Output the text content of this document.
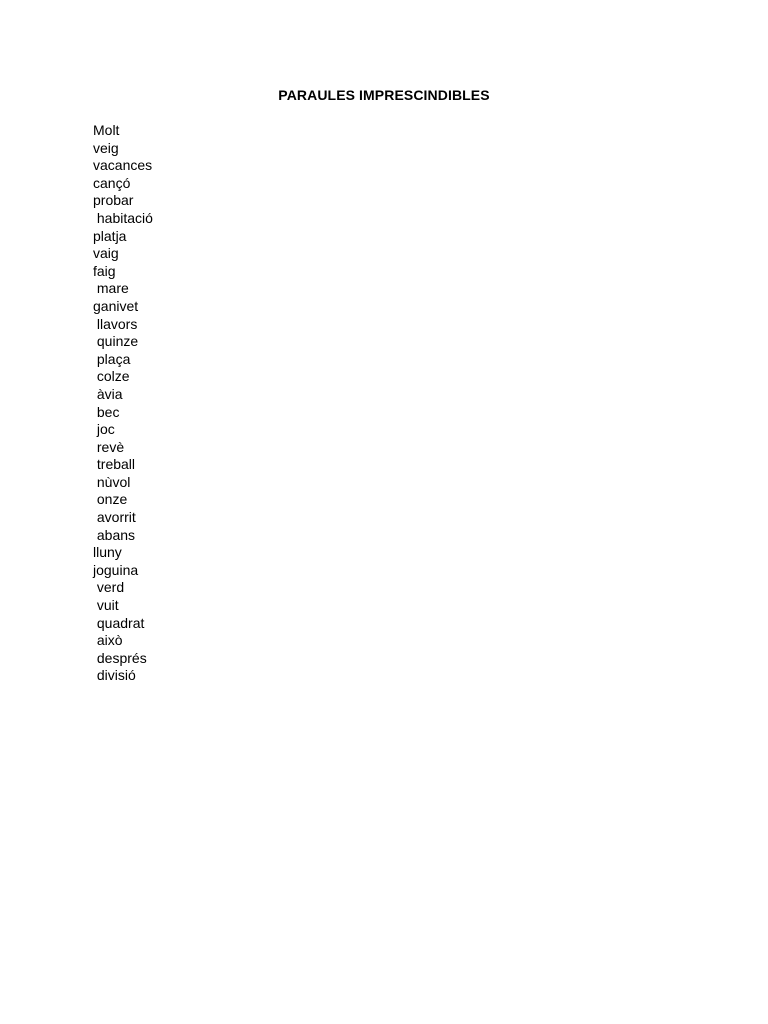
PARAULES IMPRESCINDIBLES
Molt
veig
vacances
cançó
probar
habitació
platja
vaig
faig
mare
ganivet
llavors
quinze
plaça
colze
àvia
bec
joc
revè
treball
nùvol
onze
avorrit
abans
lluny
joguina
verd
vuit
quadrat
això
després
divisió
